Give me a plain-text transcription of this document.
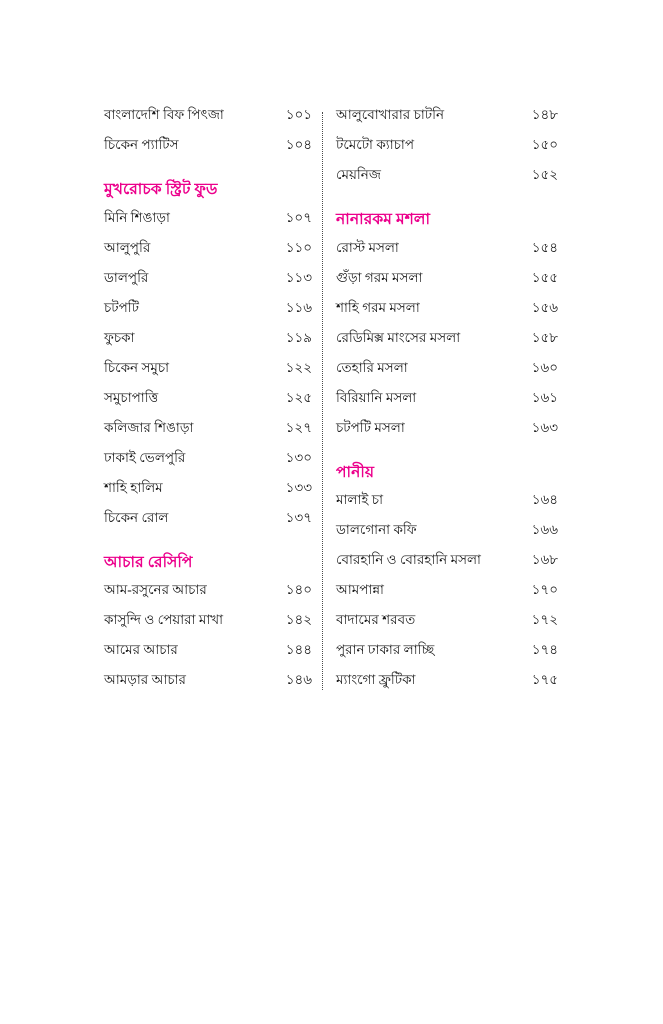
বাংলাদেশি বিফ পিৎজা	১০১
চিকেন প্যাটিস	১০৪
মুখরোচক স্ট্রিট ফুড
মিনি শিঙাড়া	১০৭
আলুপুরি	১১০
ডালপুরি	১১৩
চটপটি	১১৬
ফুচকা	১১৯
চিকেন সমুচা	১২২
সমুচাপাত্তি	১২৫
কলিজার শিঙাড়া	১২৭
ঢাকাই ভেলপুরি	১৩০
শাহি হালিম	১৩৩
চিকেন রোল	১৩৭
আচার রেসিপি
আম-রসুনের আচার	১৪০
কাসুন্দি ও পেয়ারা মাখা	১৪২
আমের আচার	১৪৪
আমড়ার আচার	১৪৬
আলুবোখারার চাটনি	১৪৮
টমেটো ক্যাচাপ	১৫০
মেয়নিজ	১৫২
নানারকম মশলা
রোস্ট মসলা	১৫৪
গুঁড়া গরম মসলা	১৫৫
শাহি গরম মসলা	১৫৬
রেডিমিক্স মাংসের মসলা	১৫৮
তেহারি মসলা	১৬০
বিরিয়ানি মসলা	১৬১
চটপটি মসলা	১৬৩
পানীয়
মালাই চা	১৬৪
ডালগোনা কফি	১৬৬
বোরহানি ও বোরহানি মসলা	১৬৮
আমপান্না	১৭০
বাদামের শরবত	১৭২
পুরান ঢাকার লাচ্ছি	১৭৪
ম্যাংগো ফ্রুটিকা	১৭৫
